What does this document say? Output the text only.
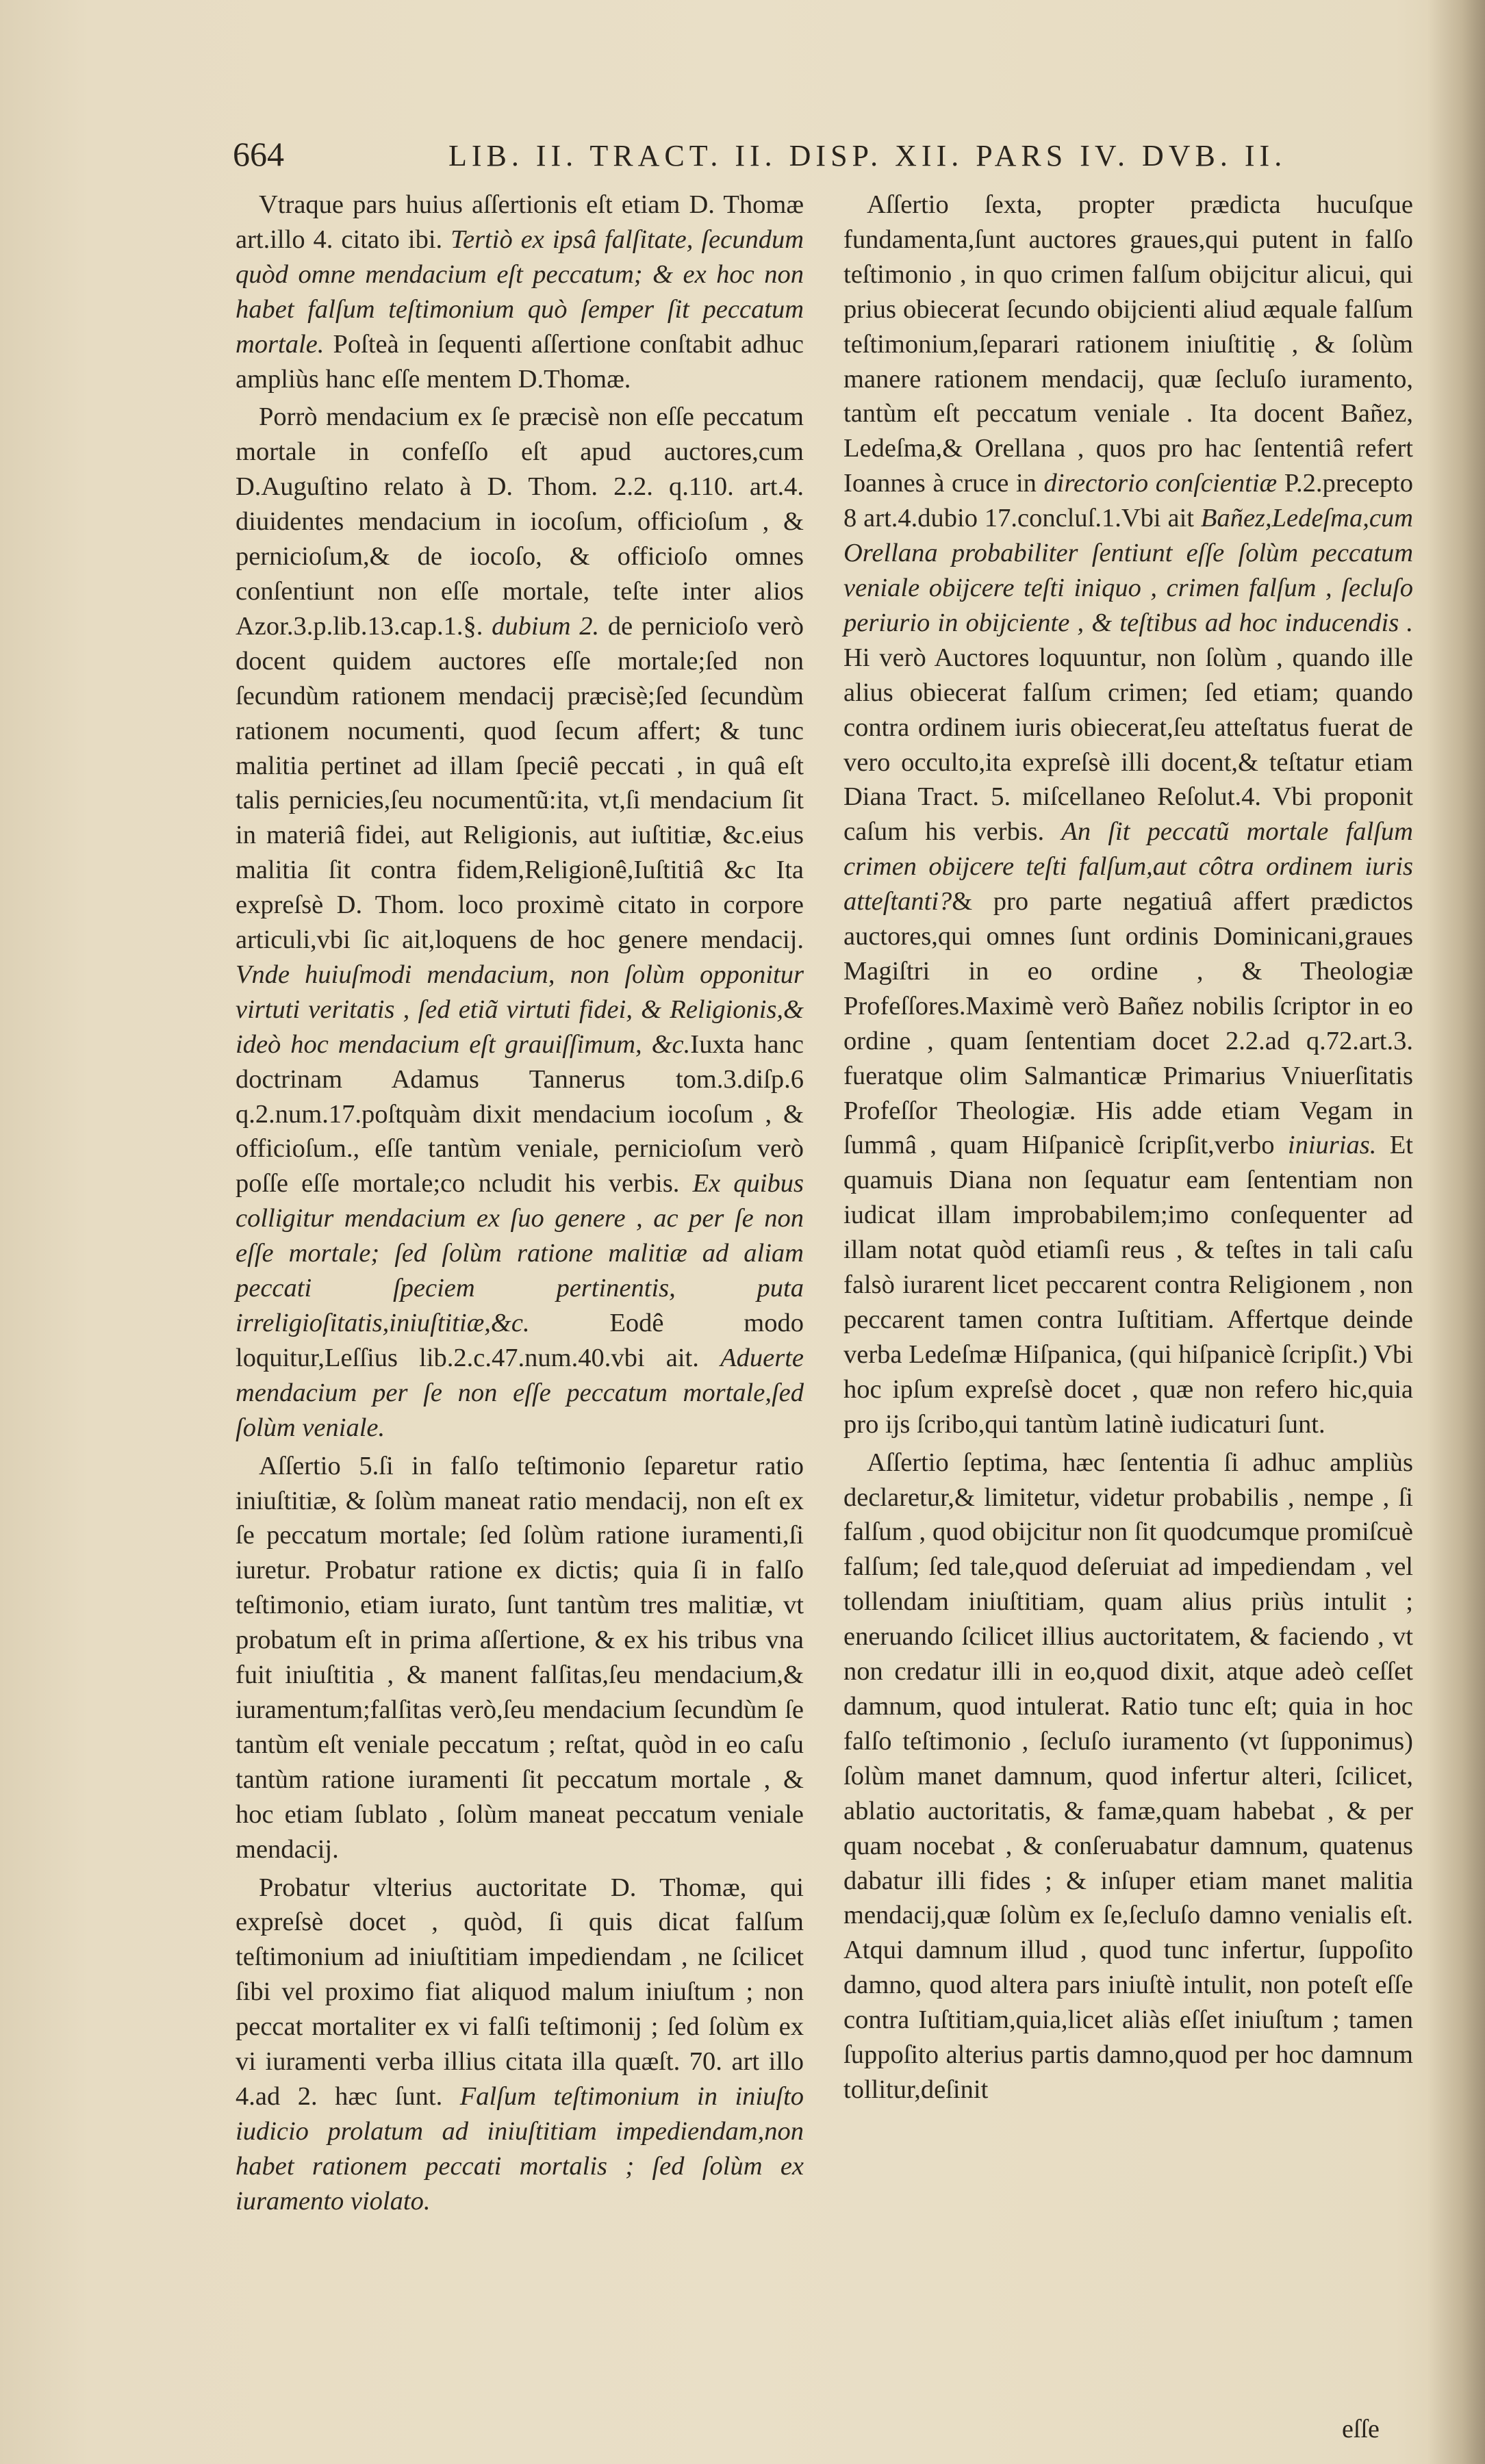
664	LIB. II. TRACT. II. DISP. XII. PARS IV. DVB. II.

Vtraque pars huius aſſertionis eſt etiam D. Thomæ art.illo 4. citato ibi. Tertiò ex ipsâ falſitate, ſecundum quòd omne mendacium eſt peccatum; & ex hoc non habet falſum teſtimonium quò ſemper ſit peccatum mortale. Poſteà in ſequenti aſſertione conſtabit adhuc ampliùs hanc eſſe mentem D.Thomæ.

Porrò mendacium ex ſe præcisè non eſſe peccatum mortale in confeſſo eſt apud auctores,cum D.Auguſtino relato à D. Thom. 2.2. q.110. art.4. diuidentes mendacium in iocoſum, officioſum , & pernicioſum,& de iocoſo, & officioſo omnes conſentiunt non eſſe mortale, teſte inter alios Azor.3.p.lib.13.cap.1.§. dubium 2. de pernicioſo verò docent quidem auctores eſſe mortale;ſed non ſecundùm rationem mendacij præcisè;ſed ſecundùm rationem nocumenti, quod ſecum affert; & tunc malitia pertinet ad illam ſpeciê peccati , in quâ eſt talis pernicies,ſeu nocumentũ:ita, vt,ſi mendacium ſit in materiâ fidei, aut Religionis, aut iuſtitiæ, &c.eius malitia ſit contra fidem,Religionê,Iuſtitiâ &c Ita expreſsè D. Thom. loco proximè citato in corpore articuli,vbi ſic ait,loquens de hoc genere mendacij. Vnde huiuſmodi mendacium, non ſolùm opponitur virtuti veritatis , ſed etiã virtuti fidei, & Religionis,& ideò hoc mendacium eſt grauiſſimum, &c.Iuxta hanc doctrinam Adamus Tannerus tom.3.diſp.6 q.2.num.17.poſtquàm dixit mendacium iocoſum , & officioſum., eſſe tantùm veniale, pernicioſum verò poſſe eſſe mortale;co ncludit his verbis. Ex quibus colligitur mendacium ex ſuo genere , ac per ſe non eſſe mortale; ſed ſolùm ratione malitiæ ad aliam peccati ſpeciem pertinentis, puta irreligioſitatis,iniuſtitiæ,&c. Eodê modo loquitur,Leſſius lib.2.c.47.num.40.vbi ait. Aduerte mendacium per ſe non eſſe peccatum mortale,ſed ſolùm veniale.

Aſſertio 5.ſi in falſo teſtimonio ſeparetur ratio iniuſtitiæ, & ſolùm maneat ratio mendacij, non eſt ex ſe peccatum mortale; ſed ſolùm ratione iuramenti,ſi iuretur. Probatur ratione ex dictis; quia ſi in falſo teſtimonio, etiam iurato, ſunt tantùm tres malitiæ, vt probatum eſt in prima aſſertione, & ex his tribus vna fuit iniuſtitia , & manent falſitas,ſeu mendacium,& iuramentum;falſitas verò,ſeu mendacium ſecundùm ſe tantùm eſt veniale peccatum ; reſtat, quòd in eo caſu tantùm ratione iuramenti ſit peccatum mortale , & hoc etiam ſublato , ſolùm maneat peccatum veniale mendacij.

Probatur vlterius auctoritate D. Thomæ, qui expreſsè docet , quòd, ſi quis dicat falſum teſtimonium ad iniuſtitiam impediendam , ne ſcilicet ſibi vel proximo fiat aliquod malum iniuſtum ; non peccat mortaliter ex vi falſi teſtimonij ; ſed ſolùm ex vi iuramenti verba illius citata illa quæſt. 70. art illo 4.ad 2. hæc ſunt. Falſum teſtimonium in iniuſto iudicio prolatum ad iniuſtitiam impediendam,non habet rationem peccati mortalis ; ſed ſolùm ex iuramento violato.

Aſſertio ſexta, propter prædicta hucuſque fundamenta,ſunt auctores graues,qui putent in falſo teſtimonio , in quo crimen falſum obijcitur alicui, qui prius obiecerat ſecundo obijcienti aliud æquale falſum teſtimonium,ſeparari rationem iniuſtitię , & ſolùm manere rationem mendacij, quæ ſecluſo iuramento, tantùm eſt peccatum veniale . Ita docent Bañez, Ledeſma,& Orellana , quos pro hac ſententiâ refert Ioannes à cruce in directorio conſcientiæ P.2.precepto 8 art.4.dubio 17.concluſ.1.Vbi ait Bañez,Ledeſma,cum Orellana probabiliter ſentiunt eſſe ſolùm peccatum veniale obijcere teſti iniquo , crimen falſum , ſecluſo periurio in obijciente , & teſtibus ad hoc inducendis . Hi verò Auctores loquuntur, non ſolùm , quando ille alius obiecerat falſum crimen; ſed etiam; quando contra ordinem iuris obiecerat,ſeu atteſtatus fuerat de vero occulto,ita expreſsè illi docent,& teſtatur etiam Diana Tract. 5. miſcellaneo Reſolut.4. Vbi proponit caſum his verbis. An ſit peccatũ mortale falſum crimen obijcere teſti falſum,aut côtra ordinem iuris atteſtanti?& pro parte negatiuâ affert prædictos auctores,qui omnes ſunt ordinis Dominicani,graues Magiſtri in eo ordine , & Theologiæ Profeſſores.Maximè verò Bañez nobilis ſcriptor in eo ordine , quam ſententiam docet 2.2.ad q.72.art.3. fueratque olim Salmanticæ Primarius Vniuerſitatis Profeſſor Theologiæ. His adde etiam Vegam in ſummâ , quam Hiſpanicè ſcripſit,verbo iniurias. Et quamuis Diana non ſequatur eam ſententiam non iudicat illam improbabilem;imo conſequenter ad illam notat quòd etiamſi reus , & teſtes in tali caſu falsò iurarent licet peccarent contra Religionem , non peccarent tamen contra Iuſtitiam. Affertque deinde verba Ledeſmæ Hiſpanica, (qui hiſpanicè ſcripſit.) Vbi hoc ipſum expreſsè docet , quæ non refero hic,quia pro ijs ſcribo,qui tantùm latinè iudicaturi ſunt.

Aſſertio ſeptima, hæc ſententia ſi adhuc ampliùs declaretur,& limitetur, videtur probabilis , nempe , ſi falſum , quod obijcitur non ſit quodcumque promiſcuè falſum; ſed tale,quod deſeruiat ad impediendam , vel tollendam iniuſtitiam, quam alius priùs intulit ; eneruando ſcilicet illius auctoritatem, & faciendo , vt non credatur illi in eo,quod dixit, atque adeò ceſſet damnum, quod intulerat. Ratio tunc eſt; quia in hoc falſo teſtimonio , ſecluſo iuramento (vt ſupponimus) ſolùm manet damnum, quod infertur alteri, ſcilicet, ablatio auctoritatis, & famæ,quam habebat , & per quam nocebat , & conſeruabatur damnum, quatenus dabatur illi fides ; & inſuper etiam manet malitia mendacij,quæ ſolùm ex ſe,ſecluſo damno venialis eſt. Atqui damnum illud , quod tunc infertur, ſuppoſito damno, quod altera pars iniuſtè intulit, non poteſt eſſe contra Iuſtitiam,quia,licet aliàs eſſet iniuſtum ; tamen ſuppoſito alterius partis damno,quod per hoc damnum tollitur,deſinit

eſſe
